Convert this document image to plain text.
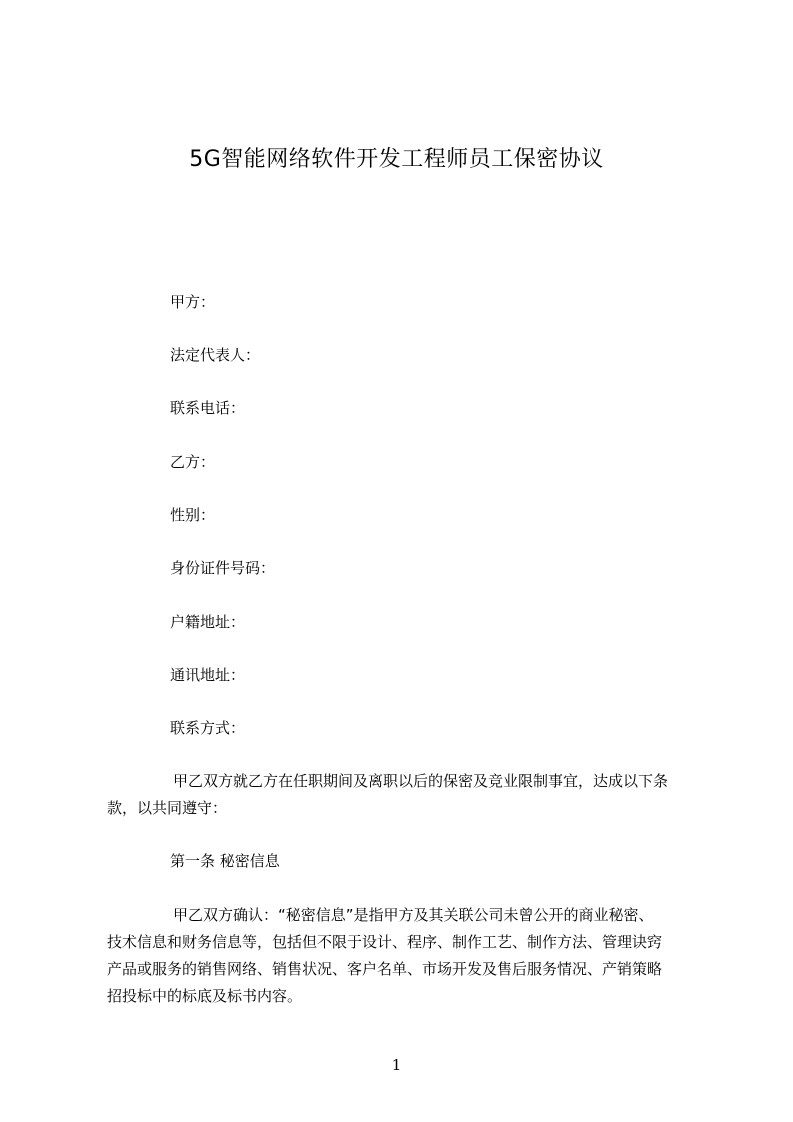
5G智能网络软件开发工程师员工保密协议
甲方：
法定代表人：
联系电话：
乙方：
性别：
身份证件号码：
户籍地址：
通讯地址：
联系方式：
甲乙双方就乙方在任职期间及离职以后的保密及竞业限制事宜，达成以下条
款，以共同遵守：
第一条 秘密信息
甲乙双方确认：“秘密信息”是指甲方及其关联公司未曾公开的商业秘密、
技术信息和财务信息等，包括但不限于设计、程序、制作工艺、制作方法、管理诀窍
产品或服务的销售网络、销售状况、客户名单、市场开发及售后服务情况、产销策略
招投标中的标底及标书内容。
1
